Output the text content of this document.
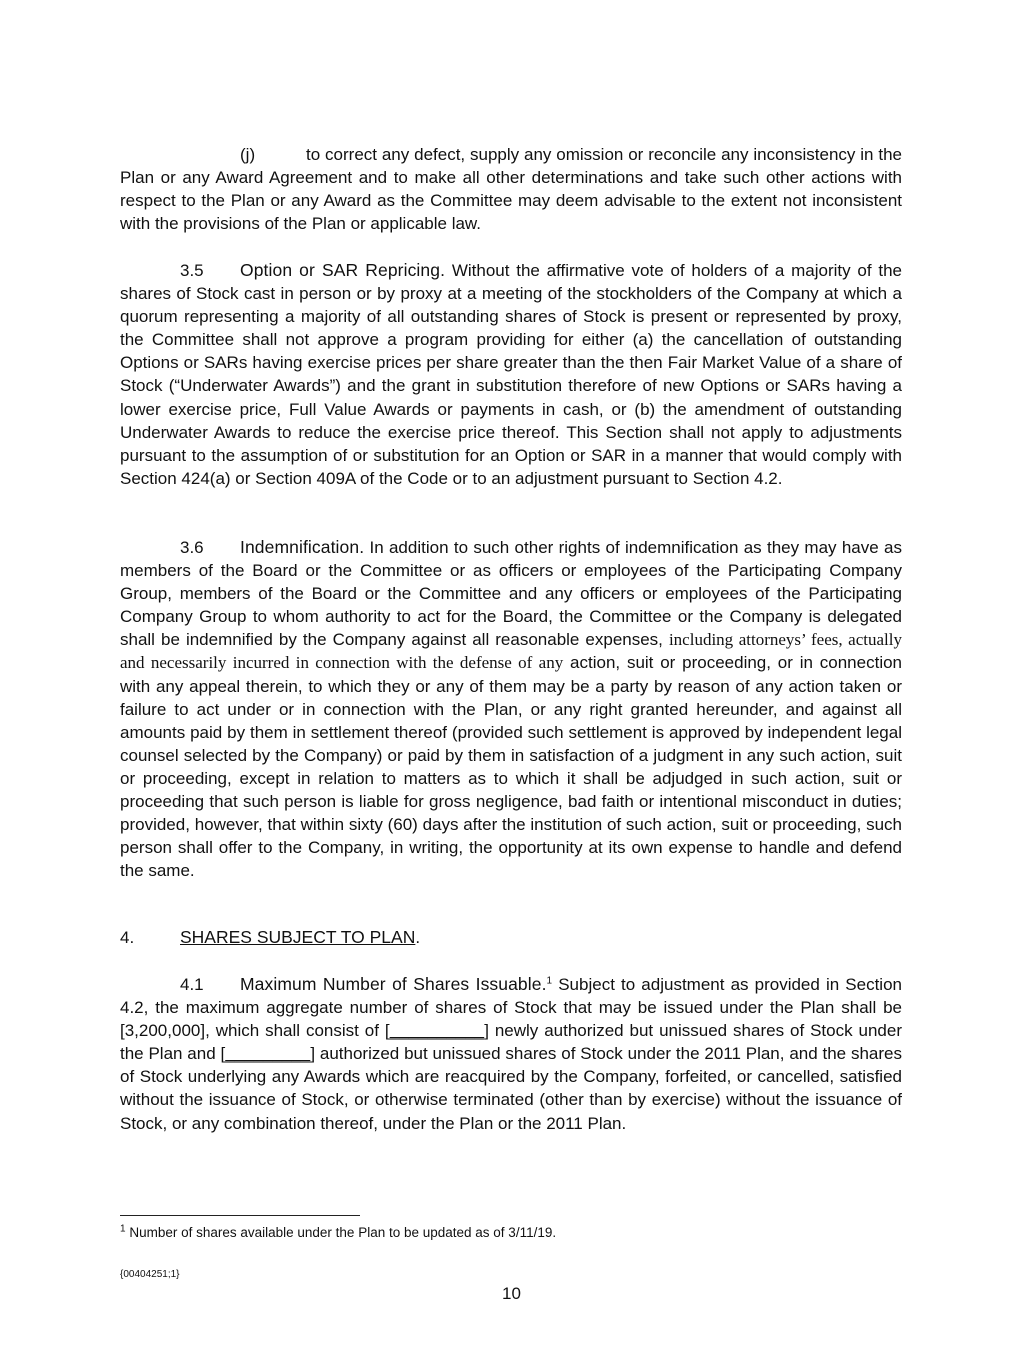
(j)	to correct any defect, supply any omission or reconcile any inconsistency in the Plan or any Award Agreement and to make all other determinations and take such other actions with respect to the Plan or any Award as the Committee may deem advisable to the extent not inconsistent with the provisions of the Plan or applicable law.

3.5 Option or SAR Repricing. Without the affirmative vote of holders of a majority of the shares of Stock cast in person or by proxy at a meeting of the stockholders of the Company at which a quorum representing a majority of all outstanding shares of Stock is present or represented by proxy, the Committee shall not approve a program providing for either (a) the cancellation of outstanding Options or SARs having exercise prices per share greater than the then Fair Market Value of a share of Stock (“Underwater Awards”) and the grant in substitution therefore of new Options or SARs having a lower exercise price, Full Value Awards or payments in cash, or (b) the amendment of outstanding Underwater Awards to reduce the exercise price thereof. This Section shall not apply to adjustments pursuant to the assumption of or substitution for an Option or SAR in a manner that would comply with Section 424(a) or Section 409A of the Code or to an adjustment pursuant to Section 4.2.

3.6 Indemnification. In addition to such other rights of indemnification as they may have as members of the Board or the Committee or as officers or employees of the Participating Company Group, members of the Board or the Committee and any officers or employees of the Participating Company Group to whom authority to act for the Board, the Committee or the Company is delegated shall be indemnified by the Company against all reasonable expenses, including attorneys’ fees, actually and necessarily incurred in connection with the defense of any action, suit or proceeding, or in connection with any appeal therein, to which they or any of them may be a party by reason of any action taken or failure to act under or in connection with the Plan, or any right granted hereunder, and against all amounts paid by them in settlement thereof (provided such settlement is approved by independent legal counsel selected by the Company) or paid by them in satisfaction of a judgment in any such action, suit or proceeding, except in relation to matters as to which it shall be adjudged in such action, suit or proceeding that such person is liable for gross negligence, bad faith or intentional misconduct in duties; provided, however, that within sixty (60) days after the institution of such action, suit or proceeding, such person shall offer to the Company, in writing, the opportunity at its own expense to handle and defend the same.

4.	SHARES SUBJECT TO PLAN.

4.1 Maximum Number of Shares Issuable.$^1$ Subject to adjustment as provided in Section 4.2, the maximum aggregate number of shares of Stock that may be issued under the Plan shall be [3,200,000], which shall consist of [__________] newly authorized but unissued shares of Stock under the Plan and [_________] authorized but unissued shares of Stock under the 2011 Plan, and the shares of Stock underlying any Awards which are reacquired by the Company, forfeited, or cancelled, satisfied without the issuance of Stock, or otherwise terminated (other than by exercise) without the issuance of Stock, or any combination thereof, under the Plan or the 2011 Plan.

$^1$ Number of shares available under the Plan to be updated as of 3/11/19.
{00404251;1}
10
